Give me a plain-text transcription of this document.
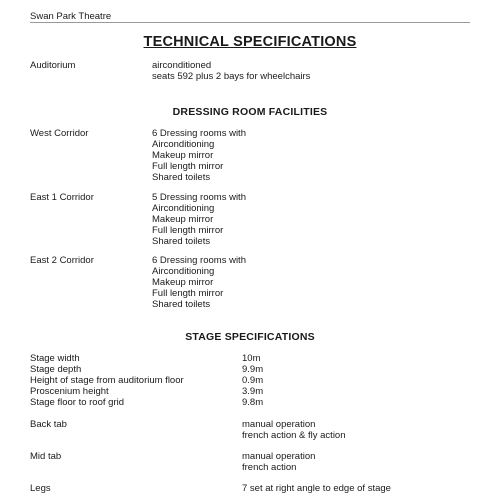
Swan Park Theatre
TECHNICAL SPECIFICATIONS
Auditorium	airconditioned
seats 592 plus 2 bays for wheelchairs
DRESSING ROOM FACILITIES
West Corridor	6 Dressing rooms with
Airconditioning
Makeup mirror
Full length mirror
Shared toilets
East 1 Corridor	5 Dressing rooms with
Airconditioning
Makeup mirror
Full length mirror
Shared toilets
East 2 Corridor	6 Dressing rooms with
Airconditioning
Makeup mirror
Full length mirror
Shared toilets
STAGE SPECIFICATIONS
Stage width	10m
Stage depth	9.9m
Height of stage from auditorium floor	0.9m
Proscenium height	3.9m
Stage floor to roof grid	9.8m
Back tab	manual operation
french action & fly action
Mid tab	manual operation
french action
Legs	7 set at right angle to edge of stage
